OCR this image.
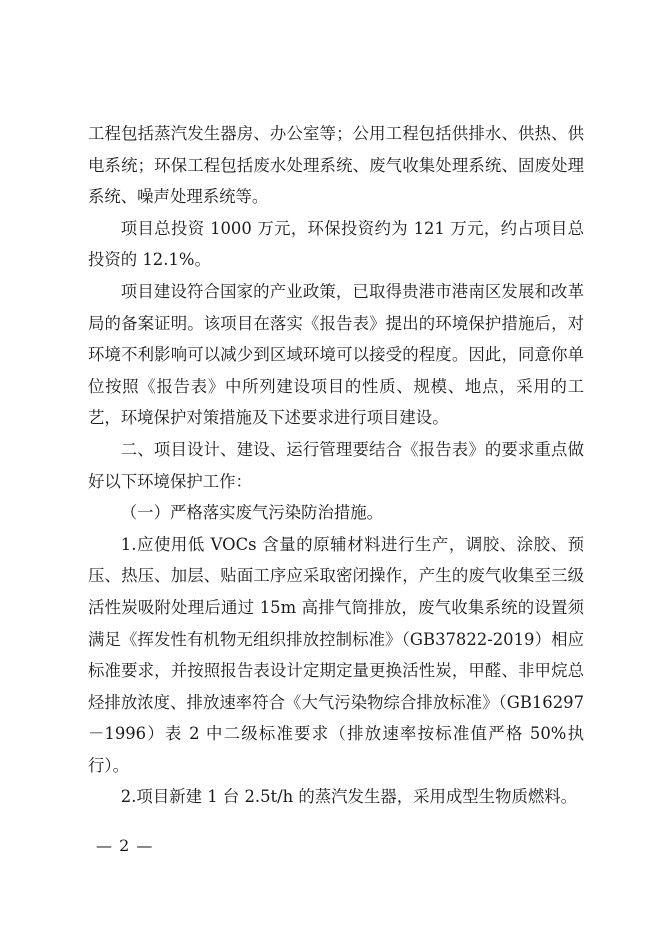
工程包括蒸汽发生器房、办公室等；公用工程包括供排水、供热、供电系统；环保工程包括废水处理系统、废气收集处理系统、固废处理系统、噪声处理系统等。

项目总投资 1000 万元，环保投资约为 121 万元，约占项目总投资的 12.1%。

项目建设符合国家的产业政策，已取得贵港市港南区发展和改革局的备案证明。该项目在落实《报告表》提出的环境保护措施后，对环境不利影响可以减少到区域环境可以接受的程度。因此，同意你单位按照《报告表》中所列建设项目的性质、规模、地点，采用的工艺，环境保护对策措施及下述要求进行项目建设。

二、项目设计、建设、运行管理要结合《报告表》的要求重点做好以下环境保护工作：

（一）严格落实废气污染防治措施。

1.应使用低 VOCs 含量的原辅材料进行生产，调胶、涂胶、预压、热压、加层、贴面工序应采取密闭操作，产生的废气收集至三级活性炭吸附处理后通过 15m 高排气筒排放，废气收集系统的设置须满足《挥发性有机物无组织排放控制标准》（GB37822-2019）相应标准要求，并按照报告表设计定期定量更换活性炭，甲醛、非甲烷总烃排放浓度、排放速率符合《大气污染物综合排放标准》（GB16297－1996）表 2 中二级标准要求（排放速率按标准值严格 50%执行）。

2.项目新建 1 台 2.5t/h 的蒸汽发生器，采用成型生物质燃料。

— 2 —
